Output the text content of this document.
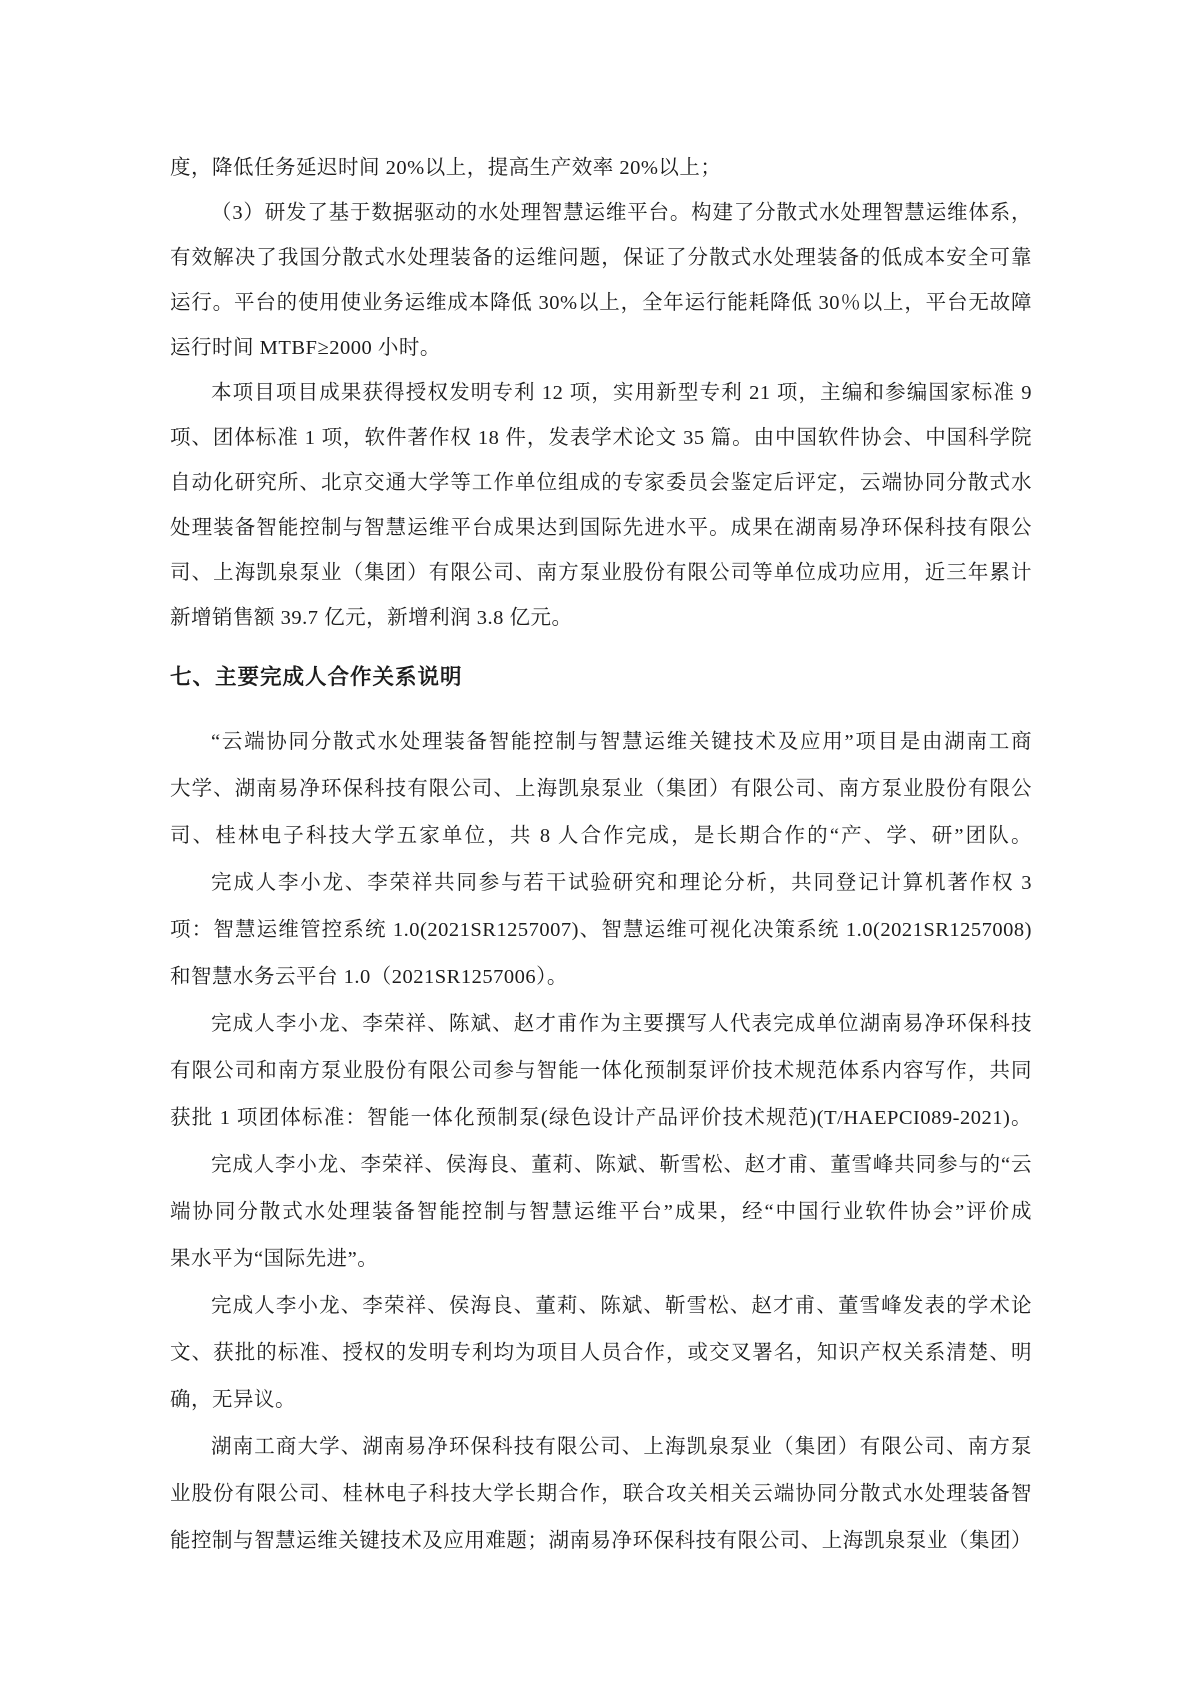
度，降低任务延迟时间 20%以上，提高生产效率 20%以上；
（3）研发了基于数据驱动的水处理智慧运维平台。构建了分散式水处理智慧运维体系，
有效解决了我国分散式水处理装备的运维问题，保证了分散式水处理装备的低成本安全可靠
运行。平台的使用使业务运维成本降低 30%以上，全年运行能耗降低 30％以上，平台无故障
运行时间 MTBF≥2000 小时。
本项目项目成果获得授权发明专利 12 项，实用新型专利 21 项，主编和参编国家标准 9
项、团体标准 1 项，软件著作权 18 件，发表学术论文 35 篇。由中国软件协会、中国科学院
自动化研究所、北京交通大学等工作单位组成的专家委员会鉴定后评定，云端协同分散式水
处理装备智能控制与智慧运维平台成果达到国际先进水平。成果在湖南易净环保科技有限公
司、上海凯泉泵业（集团）有限公司、南方泵业股份有限公司等单位成功应用，近三年累计
新增销售额 39.7 亿元，新增利润 3.8 亿元。
七、主要完成人合作关系说明
“云端协同分散式水处理装备智能控制与智慧运维关键技术及应用”项目是由湖南工商
大学、湖南易净环保科技有限公司、上海凯泉泵业（集团）有限公司、南方泵业股份有限公
司、桂林电子科技大学五家单位，共 8 人合作完成，是长期合作的“产、学、研”团队。
完成人李小龙、李荣祥共同参与若干试验研究和理论分析，共同登记计算机著作权 3
项：智慧运维管控系统 1.0(2021SR1257007)、智慧运维可视化决策系统 1.0(2021SR1257008)
和智慧水务云平台 1.0（2021SR1257006）。
完成人李小龙、李荣祥、陈斌、赵才甫作为主要撰写人代表完成单位湖南易净环保科技
有限公司和南方泵业股份有限公司参与智能一体化预制泵评价技术规范体系内容写作，共同
获批 1 项团体标准：智能一体化预制泵(绿色设计产品评价技术规范)(T/HAEPCI089-2021)。
完成人李小龙、李荣祥、侯海良、董莉、陈斌、靳雪松、赵才甫、董雪峰共同参与的“云
端协同分散式水处理装备智能控制与智慧运维平台”成果，经“中国行业软件协会”评价成
果水平为“国际先进”。
完成人李小龙、李荣祥、侯海良、董莉、陈斌、靳雪松、赵才甫、董雪峰发表的学术论
文、获批的标准、授权的发明专利均为项目人员合作，或交叉署名，知识产权关系清楚、明
确，无异议。
湖南工商大学、湖南易净环保科技有限公司、上海凯泉泵业（集团）有限公司、南方泵
业股份有限公司、桂林电子科技大学长期合作，联合攻关相关云端协同分散式水处理装备智
能控制与智慧运维关键技术及应用难题；湖南易净环保科技有限公司、上海凯泉泵业（集团）
